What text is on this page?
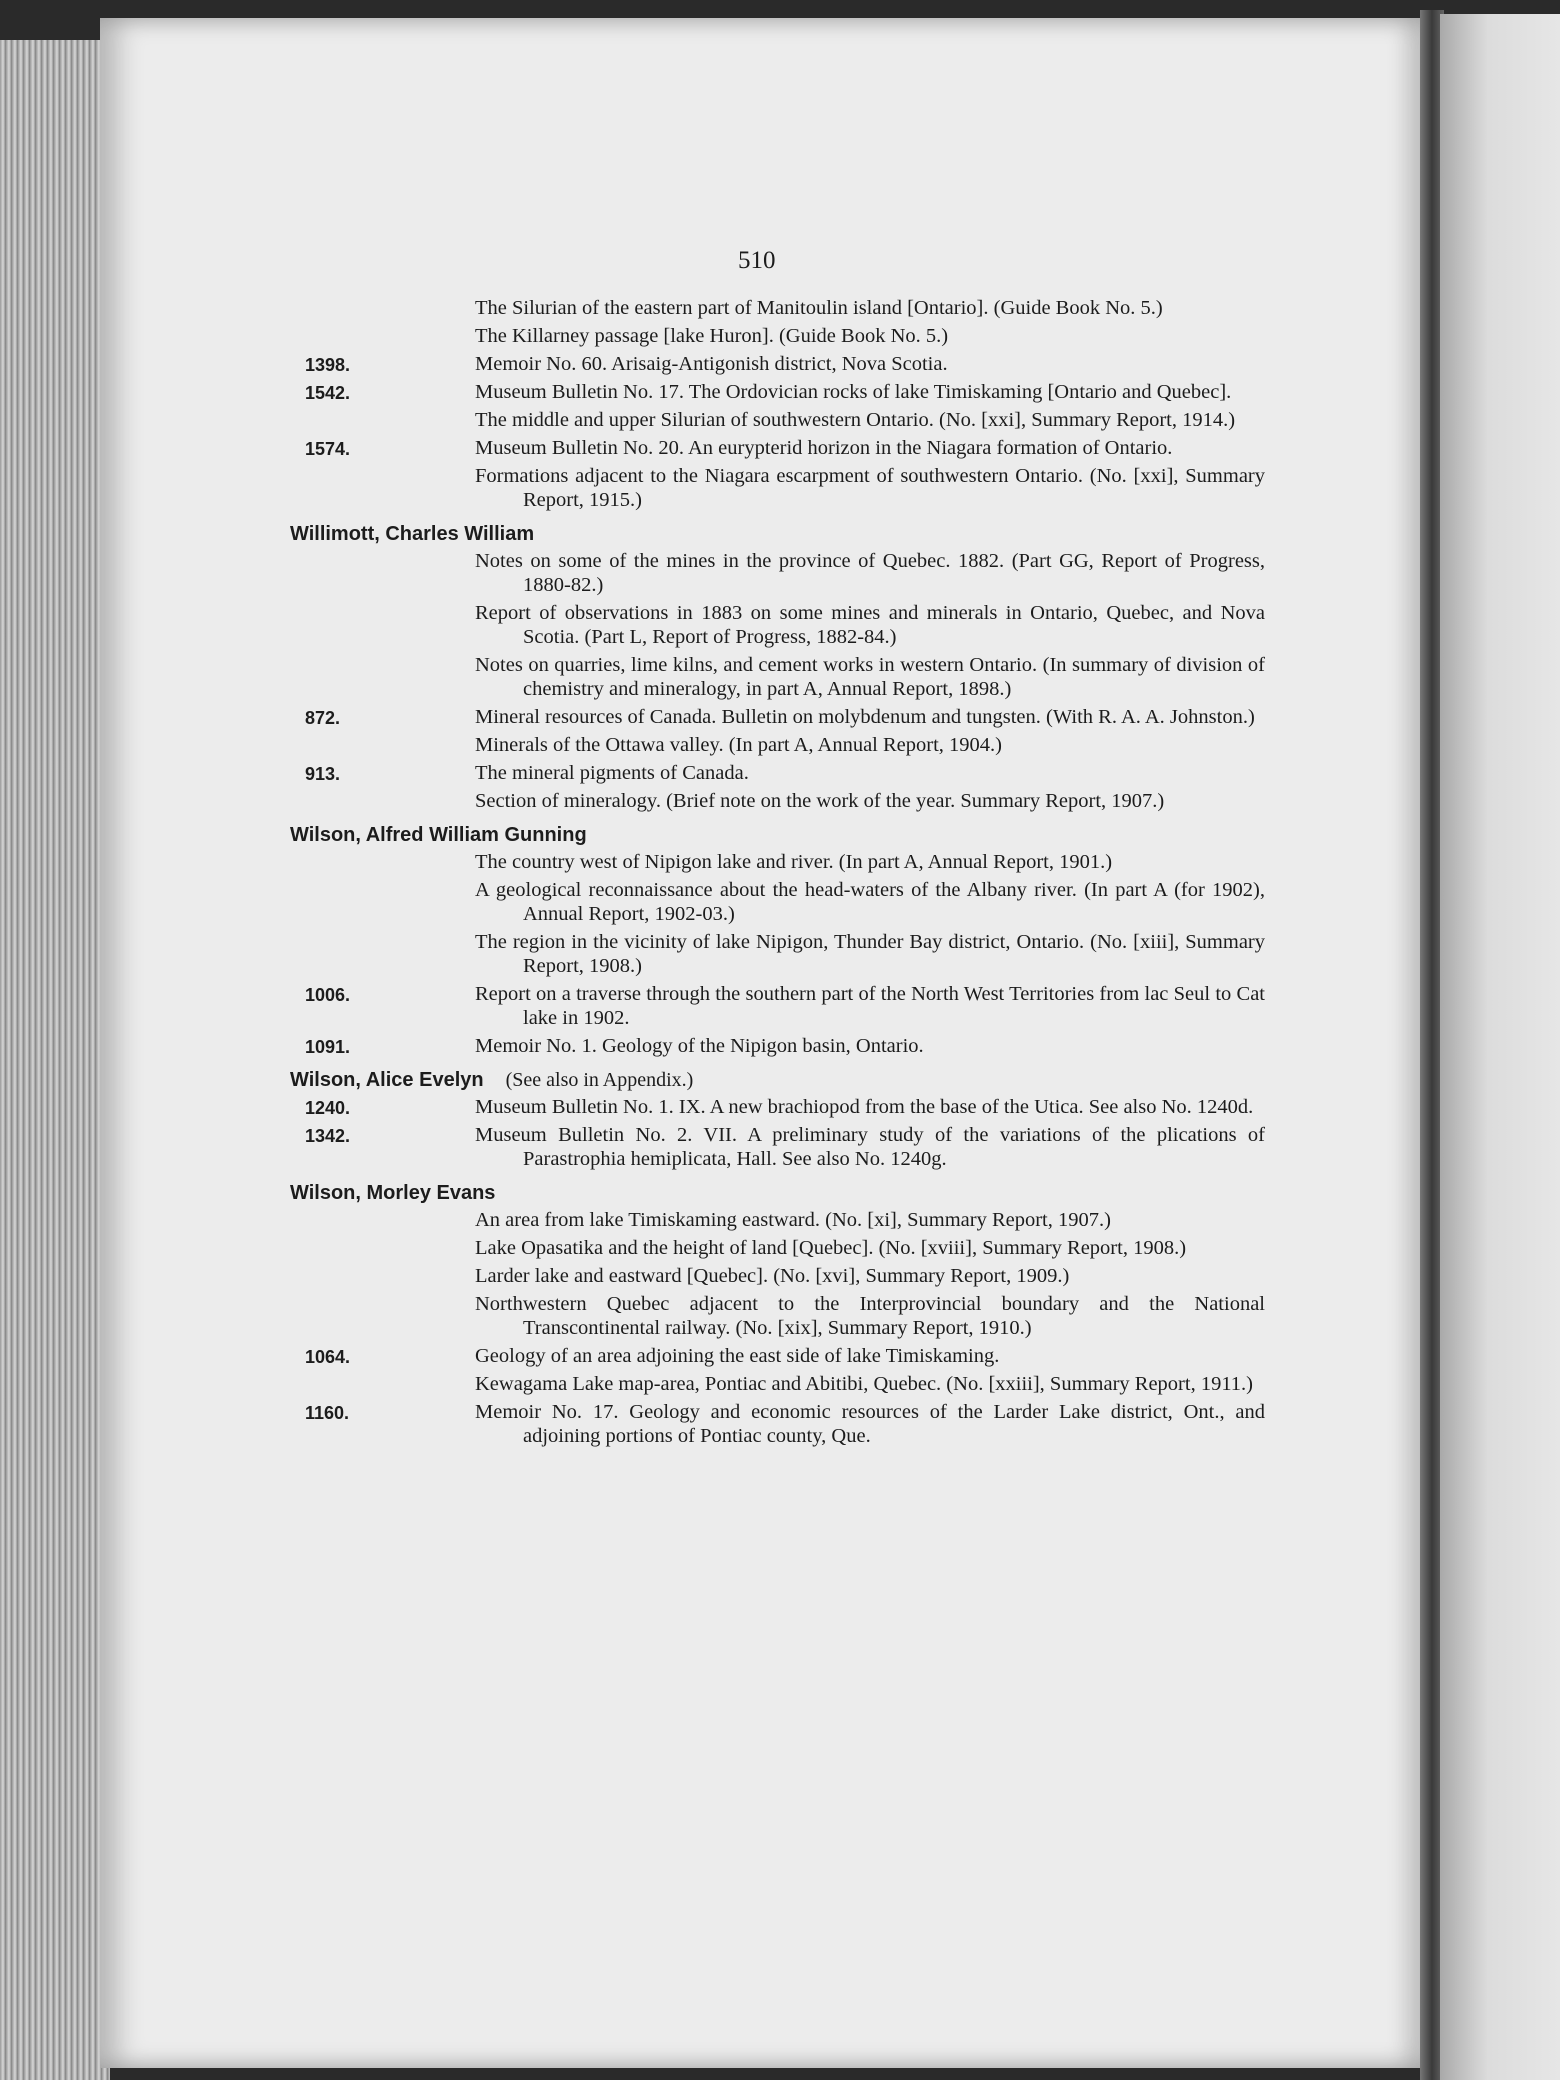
510
The Silurian of the eastern part of Manitoulin island [Ontario]. (Guide Book No. 5.)
The Killarney passage [lake Huron]. (Guide Book No. 5.)
1398.	Memoir No. 60. Arisaig-Antigonish district, Nova Scotia.
1542.	Museum Bulletin No. 17. The Ordovician rocks of lake Timiskaming [Ontario and Quebec].
The middle and upper Silurian of southwestern Ontario. (No. [xxi], Summary Report, 1914.)
1574.	Museum Bulletin No. 20. An eurypterid horizon in the Niagara formation of Ontario.
Formations adjacent to the Niagara escarpment of southwestern Ontario. (No. [xxi], Summary Report, 1915.)
Willimott, Charles William
Notes on some of the mines in the province of Quebec. 1882. (Part GG, Report of Progress, 1880-82.)
Report of observations in 1883 on some mines and minerals in Ontario, Quebec, and Nova Scotia. (Part L, Report of Progress, 1882-84.)
Notes on quarries, lime kilns, and cement works in western Ontario. (In summary of division of chemistry and mineralogy, in part A, Annual Report, 1898.)
872.	Mineral resources of Canada. Bulletin on molybdenum and tungsten. (With R. A. A. Johnston.)
Minerals of the Ottawa valley. (In part A, Annual Report, 1904.)
913.	The mineral pigments of Canada.
Section of mineralogy. (Brief note on the work of the year. Summary Report, 1907.)
Wilson, Alfred William Gunning
The country west of Nipigon lake and river. (In part A, Annual Report, 1901.)
A geological reconnaissance about the head-waters of the Albany river. (In part A (for 1902), Annual Report, 1902-03.)
The region in the vicinity of lake Nipigon, Thunder Bay district, Ontario. (No. [xiii], Summary Report, 1908.)
1006.	Report on a traverse through the southern part of the North West Territories from lac Seul to Cat lake in 1902.
1091.	Memoir No. 1. Geology of the Nipigon basin, Ontario.
Wilson, Alice Evelyn (See also in Appendix.)
1240.	Museum Bulletin No. 1. IX. A new brachiopod from the base of the Utica. See also No. 1240d.
1342.	Museum Bulletin No. 2. VII. A preliminary study of the variations of the plications of Parastrophia hemiplicata, Hall. See also No. 1240g.
Wilson, Morley Evans
An area from lake Timiskaming eastward. (No. [xi], Summary Report, 1907.)
Lake Opasatika and the height of land [Quebec]. (No. [xviii], Summary Report, 1908.)
Larder lake and eastward [Quebec]. (No. [xvi], Summary Report, 1909.)
Northwestern Quebec adjacent to the Interprovincial boundary and the National Transcontinental railway. (No. [xix], Summary Report, 1910.)
1064.	Geology of an area adjoining the east side of lake Timiskaming.
Kewagama Lake map-area, Pontiac and Abitibi, Quebec. (No. [xxiii], Summary Report, 1911.)
1160.	Memoir No. 17. Geology and economic resources of the Larder Lake district, Ont., and adjoining portions of Pontiac county, Que.
